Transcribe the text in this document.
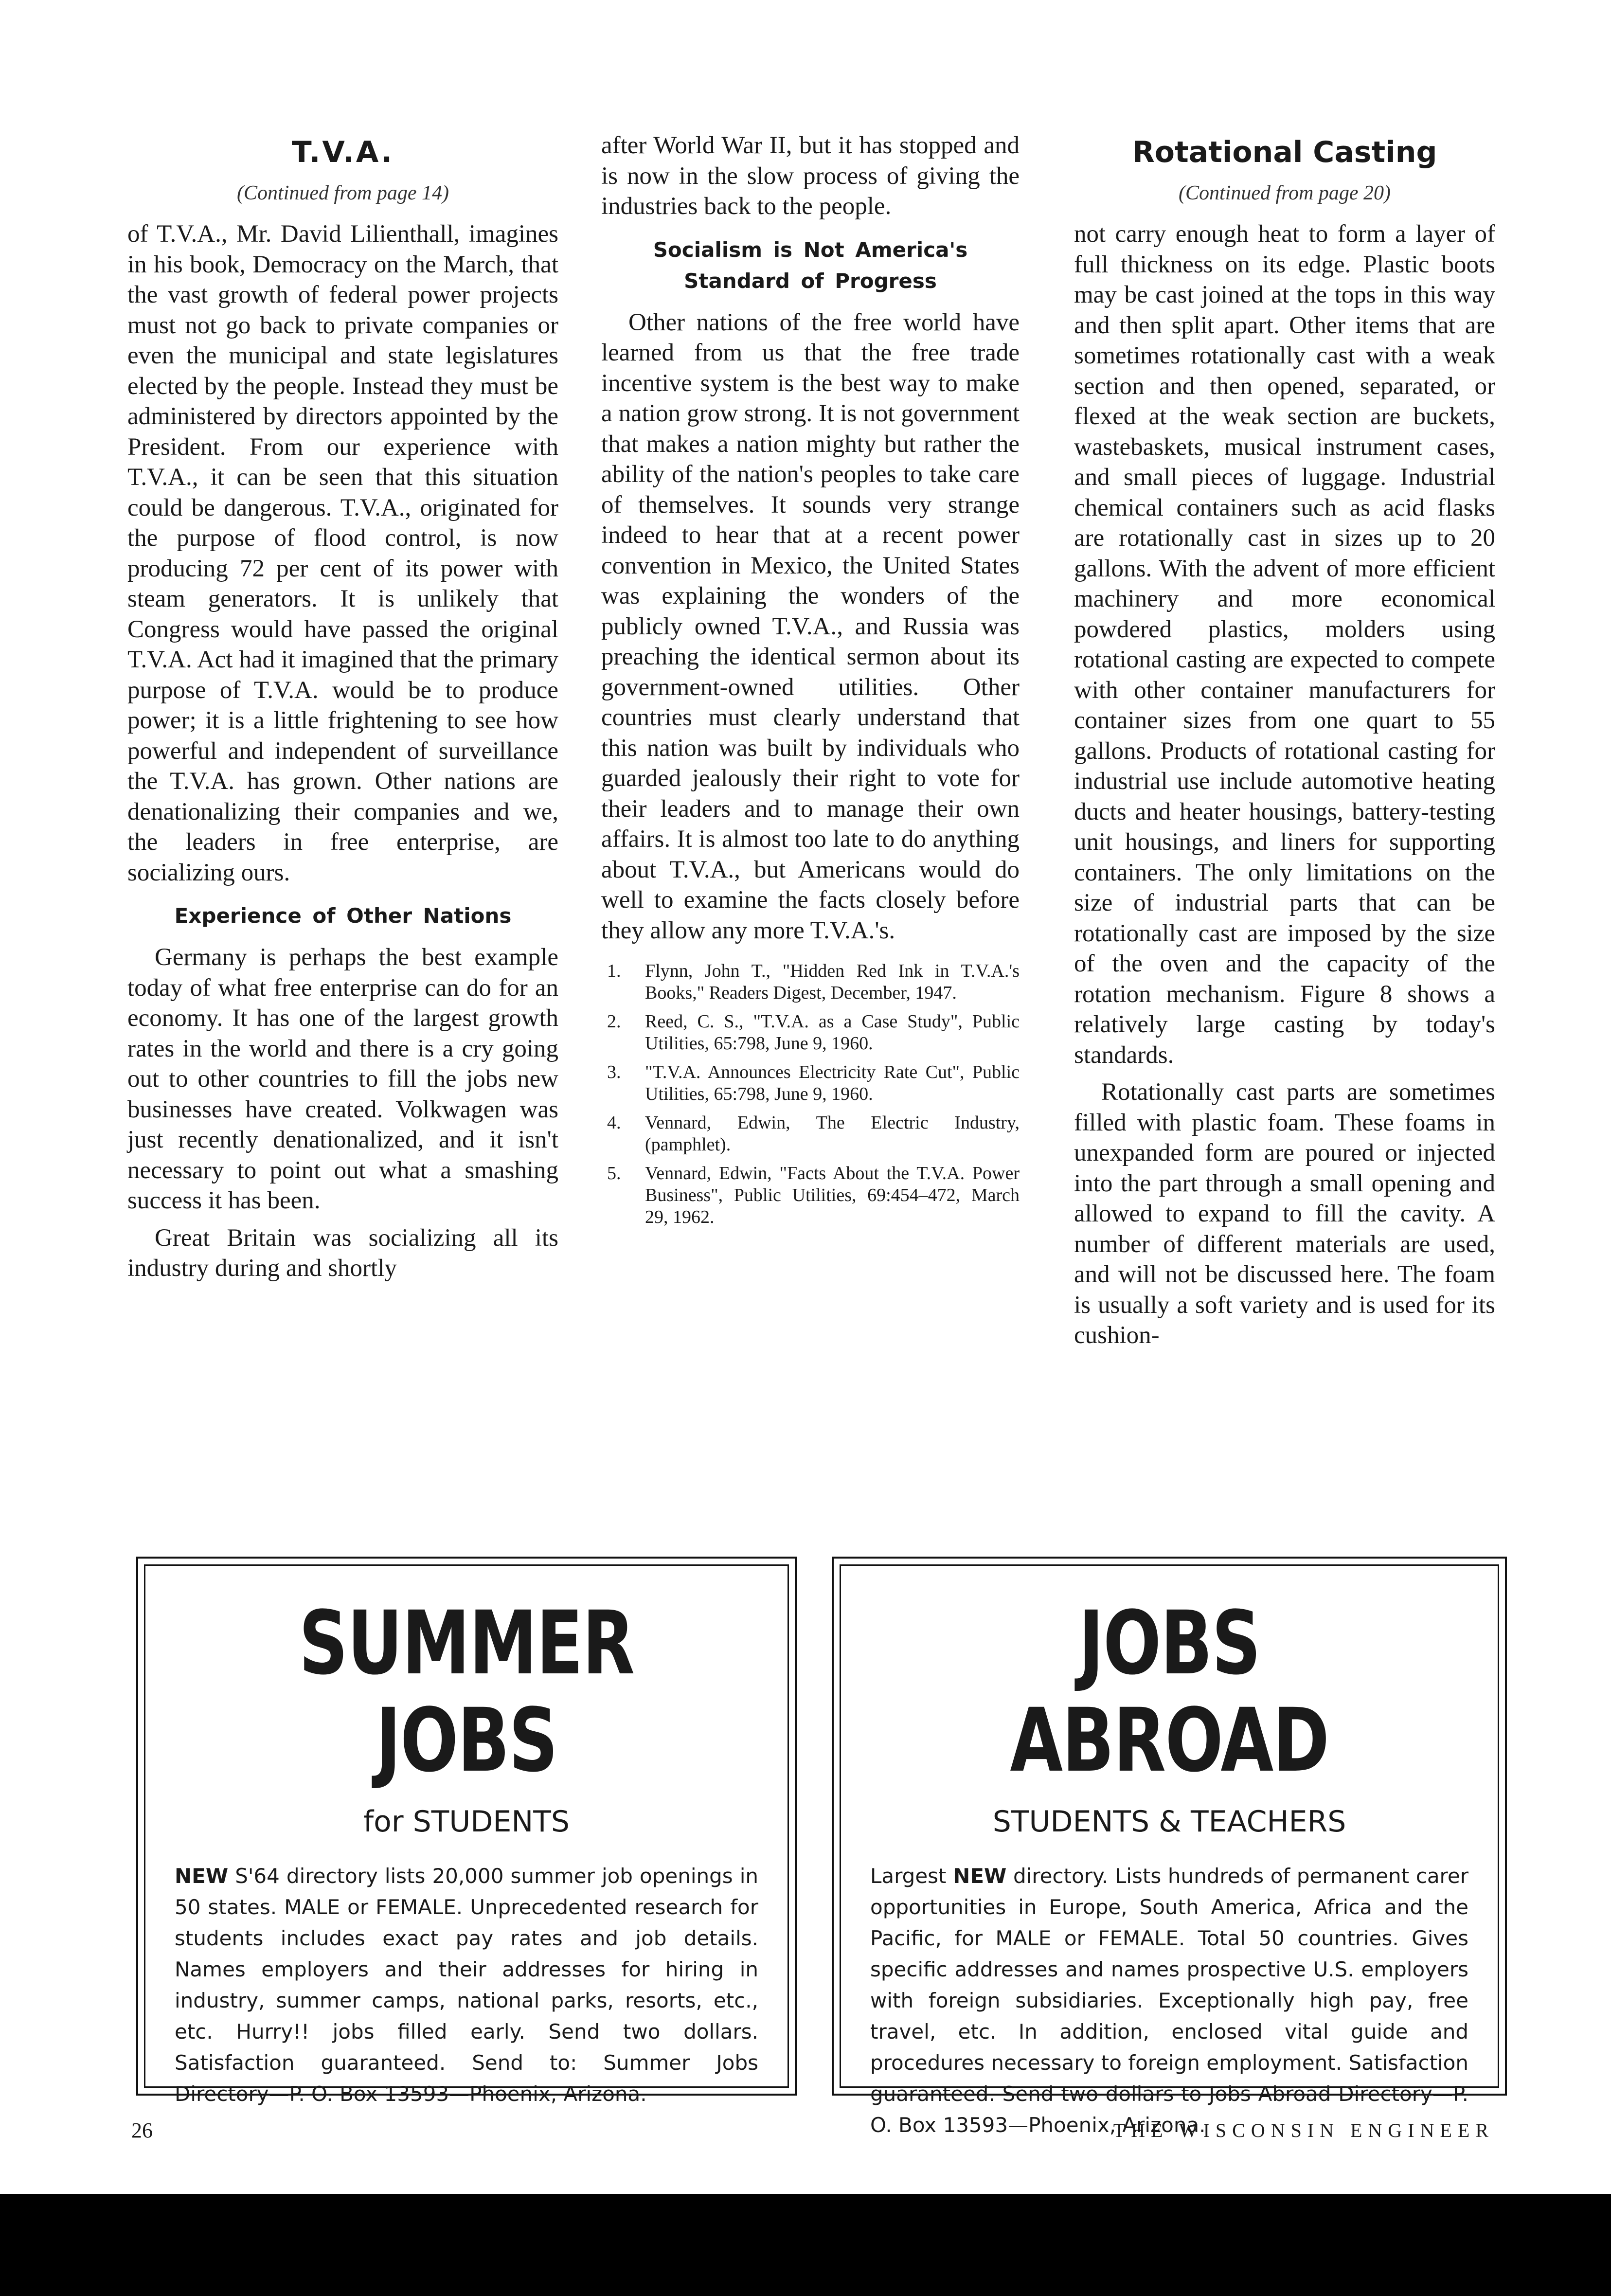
T.V.A.
(Continued from page 14)

of T.V.A., Mr. David Lilienthall, imagines in his book, Democracy on the March, that the vast growth of federal power projects must not go back to private companies or even the municipal and state legislatures elected by the people. Instead they must be administered by directors appointed by the President. From our experience with T.V.A., it can be seen that this situation could be dangerous. T.V.A., originated for the purpose of flood control, is now producing 72 per cent of its power with steam generators. It is unlikely that Congress would have passed the original T.V.A. Act had it imagined that the primary purpose of T.V.A. would be to produce power; it is a little frightening to see how powerful and independent of surveillance the T.V.A. has grown. Other nations are denationalizing their companies and we, the leaders in free enterprise, are socializing ours.

Experience of Other Nations

Germany is perhaps the best example today of what free enterprise can do for an economy. It has one of the largest growth rates in the world and there is a cry going out to other countries to fill the jobs new businesses have created. Volkwagen was just recently denationalized, and it isn't necessary to point out what a smashing success it has been.

Great Britain was socializing all its industry during and shortly

after World War II, but it has stopped and is now in the slow process of giving the industries back to the people.

Socialism is Not America's
Standard of Progress

Other nations of the free world have learned from us that the free trade incentive system is the best way to make a nation grow strong. It is not government that makes a nation mighty but rather the ability of the nation's peoples to take care of themselves. It sounds very strange indeed to hear that at a recent power convention in Mexico, the United States was explaining the wonders of the publicly owned T.V.A., and Russia was preaching the identical sermon about its government-owned utilities. Other countries must clearly understand that this nation was built by individuals who guarded jealously their right to vote for their leaders and to manage their own affairs. It is almost too late to do anything about T.V.A., but Americans would do well to examine the facts closely before they allow any more T.V.A.'s.

1. Flynn, John T., "Hidden Red Ink in T.V.A.'s Books," Readers Digest, December, 1947.
2. Reed, C. S., "T.V.A. as a Case Study", Public Utilities, 65:798, June 9, 1960.
3. "T.V.A. Announces Electricity Rate Cut", Public Utilities, 65:798, June 9, 1960.
4. Vennard, Edwin, The Electric Industry, (pamphlet).
5. Vennard, Edwin, "Facts About the T.V.A. Power Business", Public Utilities, 69:454–472, March 29, 1962.
Rotational Casting
(Continued from page 20)

not carry enough heat to form a layer of full thickness on its edge. Plastic boots may be cast joined at the tops in this way and then split apart. Other items that are sometimes rotationally cast with a weak section and then opened, separated, or flexed at the weak section are buckets, wastebaskets, musical instrument cases, and small pieces of luggage. Industrial chemical containers such as acid flasks are rotationally cast in sizes up to 20 gallons. With the advent of more efficient machinery and more economical powdered plastics, molders using rotational casting are expected to compete with other container manufacturers for container sizes from one quart to 55 gallons. Products of rotational casting for industrial use include automotive heating ducts and heater housings, battery-testing unit housings, and liners for supporting containers. The only limitations on the size of industrial parts that can be rotationally cast are imposed by the size of the oven and the capacity of the rotation mechanism. Figure 8 shows a relatively large casting by today's standards.

Rotationally cast parts are sometimes filled with plastic foam. These foams in unexpanded form are poured or injected into the part through a small opening and allowed to expand to fill the cavity. A number of different materials are used, and will not be discussed here. The foam is usually a soft variety and is used for its cushion-

SUMMER JOBS
for STUDENTS
NEW S'64 directory lists 20,000 summer job openings in 50 states. MALE or FEMALE. Unprecedented research for students includes exact pay rates and job details. Names employers and their addresses for hiring in industry, summer camps, national parks, resorts, etc., etc. Hurry!! jobs filled early. Send two dollars. Satisfaction guaranteed. Send to: Summer Jobs Directory—P. O. Box 13593—Phoenix, Arizona.
JOBS ABROAD
STUDENTS & TEACHERS
Largest NEW directory. Lists hundreds of permanent carer opportunities in Europe, South America, Africa and the Pacific, for MALE or FEMALE. Total 50 countries. Gives specific addresses and names prospective U.S. employers with foreign subsidiaries. Exceptionally high pay, free travel, etc. In addition, enclosed vital guide and procedures necessary to foreign employment. Satisfaction guaranteed. Send two dollars to Jobs Abroad Directory—P. O. Box 13593—Phoenix, Arizona.
26	THE WISCONSIN ENGINEER
